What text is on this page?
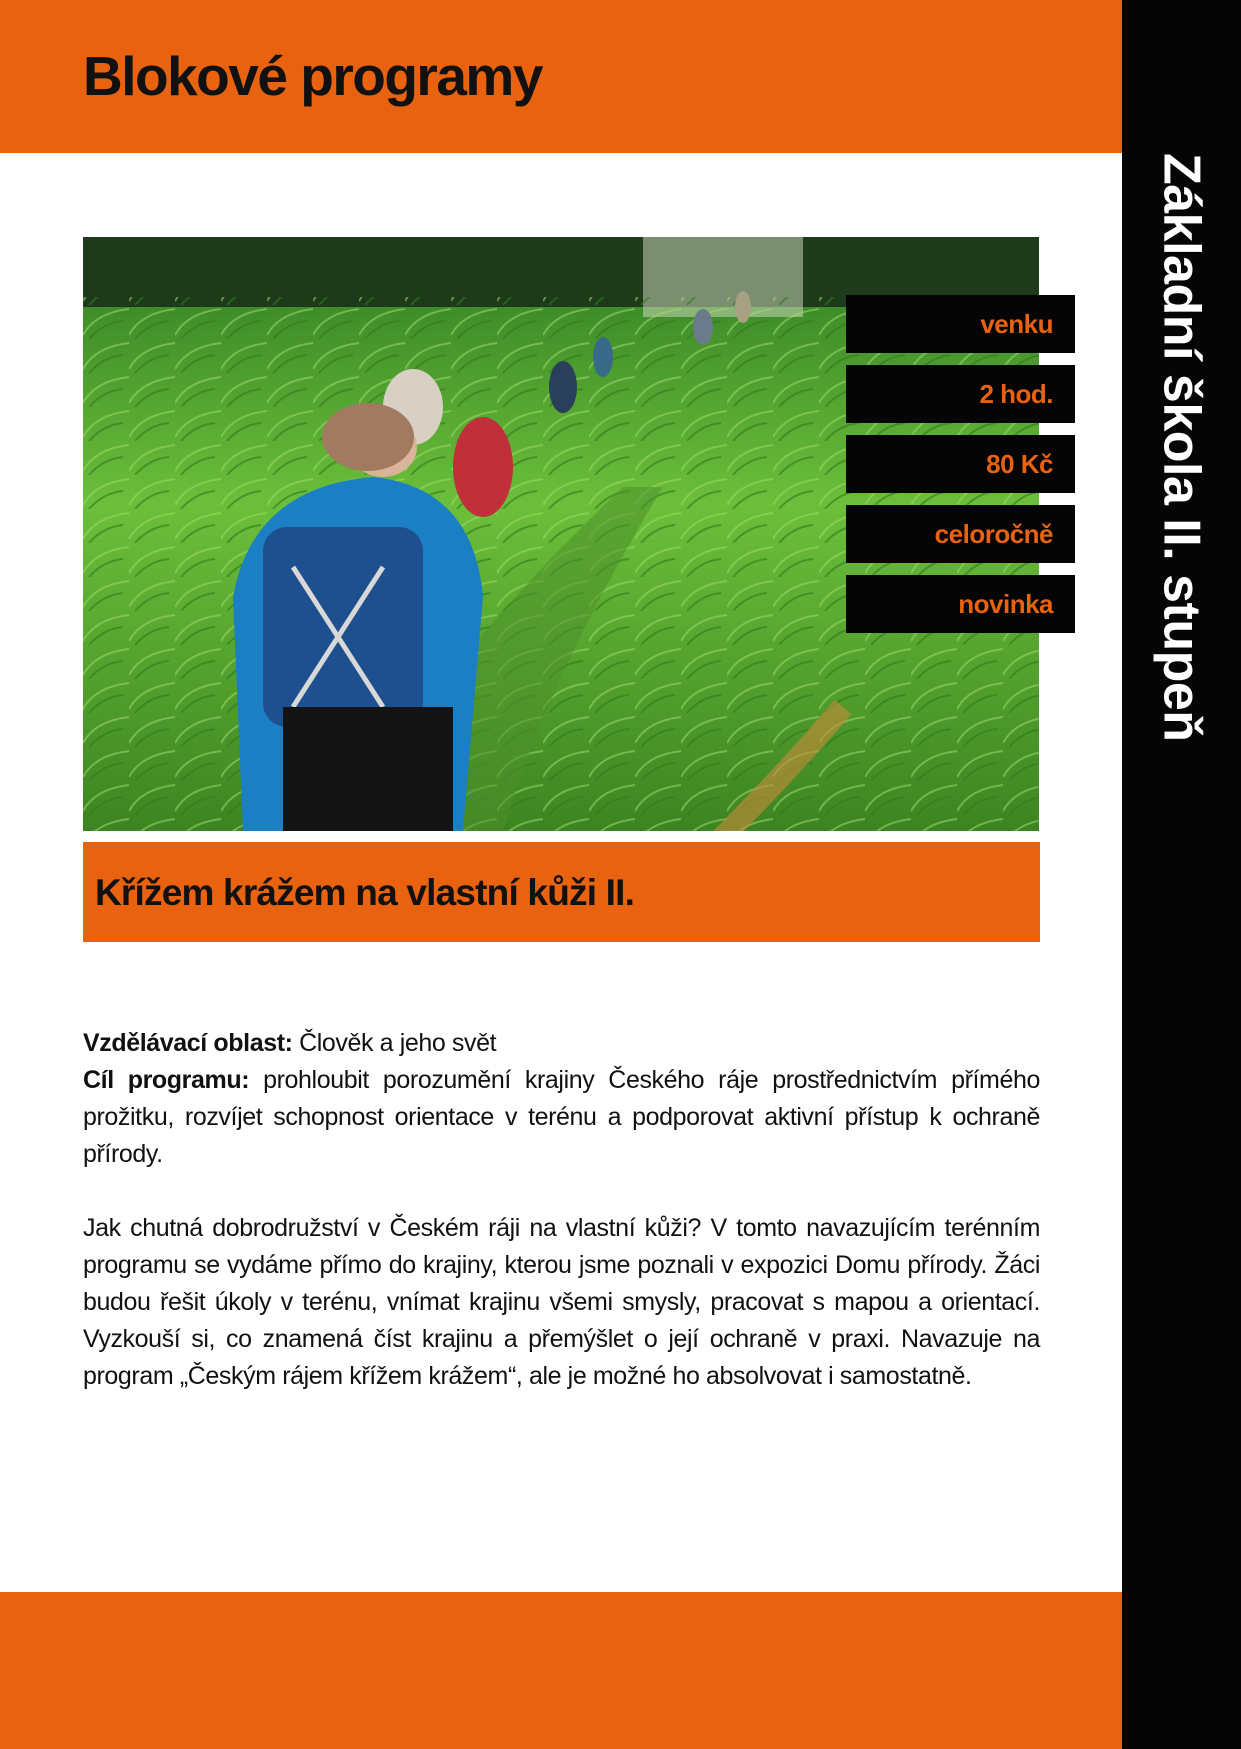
Blokové programy
Základní škola II. stupeň
venku
2 hod.
80 Kč
celoročně
novinka
Křížem krážem na vlastní kůži II.

Vzdělávací oblast: Člověk a jeho svět

Cíl programu: prohloubit porozumění krajiny Českého ráje prostřednictvím přímého prožitku, rozvíjet schopnost orientace v terénu a podporovat aktivní přístup k ochraně přírody.

Jak chutná dobrodružství v Českém ráji na vlastní kůži? V tomto navazujícím terénním programu se vydáme přímo do krajiny, kterou jsme poznali v expozici Domu přírody. Žáci budou řešit úkoly v terénu, vnímat krajinu všemi smysly, pracovat s mapou a orientací. Vyzkouší si, co znamená číst krajinu a přemýšlet o její ochraně v praxi. Navazuje na program „Českým rájem křížem krážem“, ale je možné ho absolvovat i samostatně.
